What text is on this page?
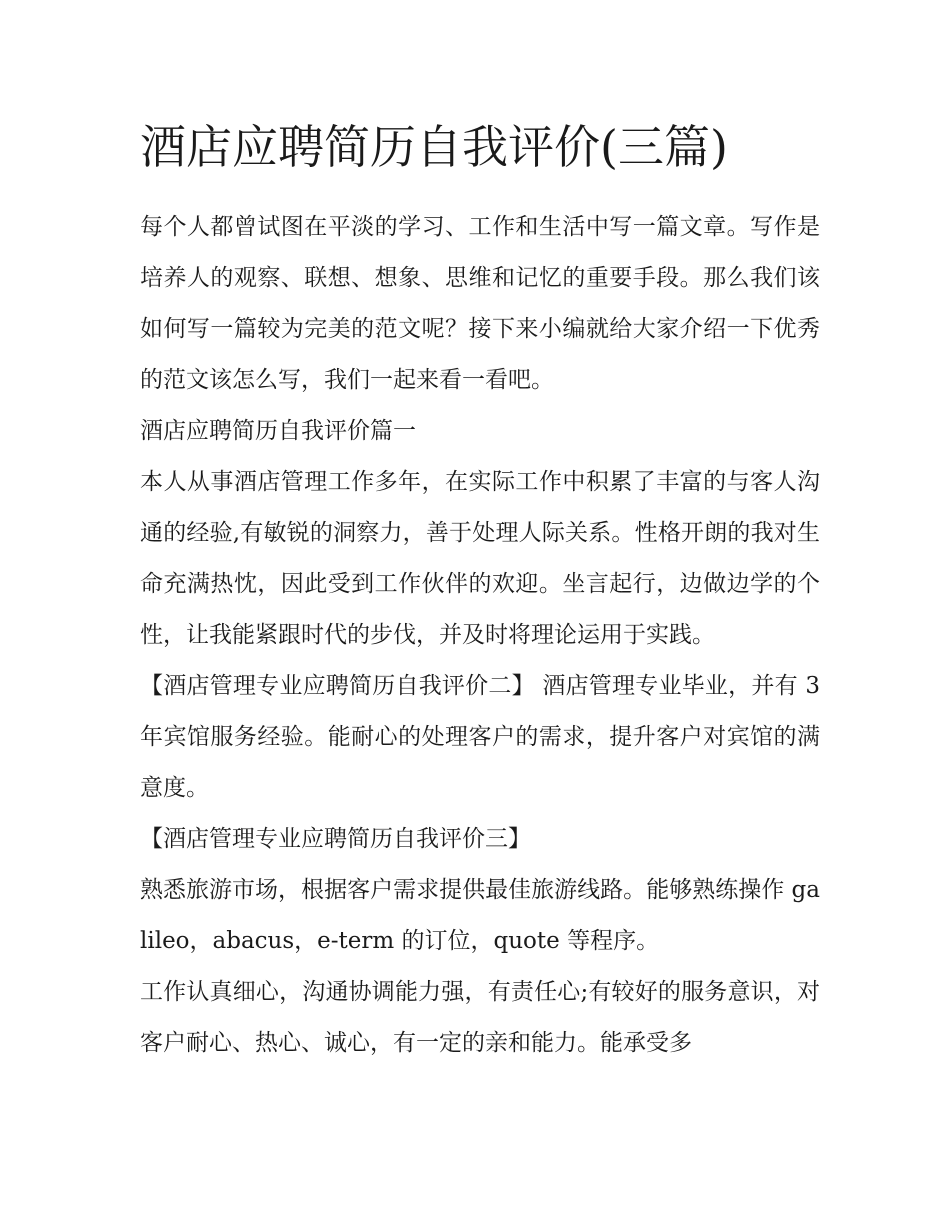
酒店应聘简历自我评价(三篇)

每个人都曾试图在平淡的学习、工作和生活中写一篇文章。写作是培养人的观察、联想、想象、思维和记忆的重要手段。那么我们该如何写一篇较为完美的范文呢？接下来小编就给大家介绍一下优秀的范文该怎么写，我们一起来看一看吧。

酒店应聘简历自我评价篇一

本人从事酒店管理工作多年，在实际工作中积累了丰富的与客人沟通的经验,有敏锐的洞察力，善于处理人际关系。性格开朗的我对生命充满热忱，因此受到工作伙伴的欢迎。坐言起行，边做边学的个性，让我能紧跟时代的步伐，并及时将理论运用于实践。

【酒店管理专业应聘简历自我评价二】 酒店管理专业毕业，并有 3 年宾馆服务经验。能耐心的处理客户的需求，提升客户对宾馆的满意度。

【酒店管理专业应聘简历自我评价三】

熟悉旅游市场，根据客户需求提供最佳旅游线路。能够熟练操作 galileo，abacus，e-term 的订位，quote 等程序。

工作认真细心，沟通协调能力强，有责任心;有较好的服务意识，对客户耐心、热心、诚心，有一定的亲和能力。能承受多
